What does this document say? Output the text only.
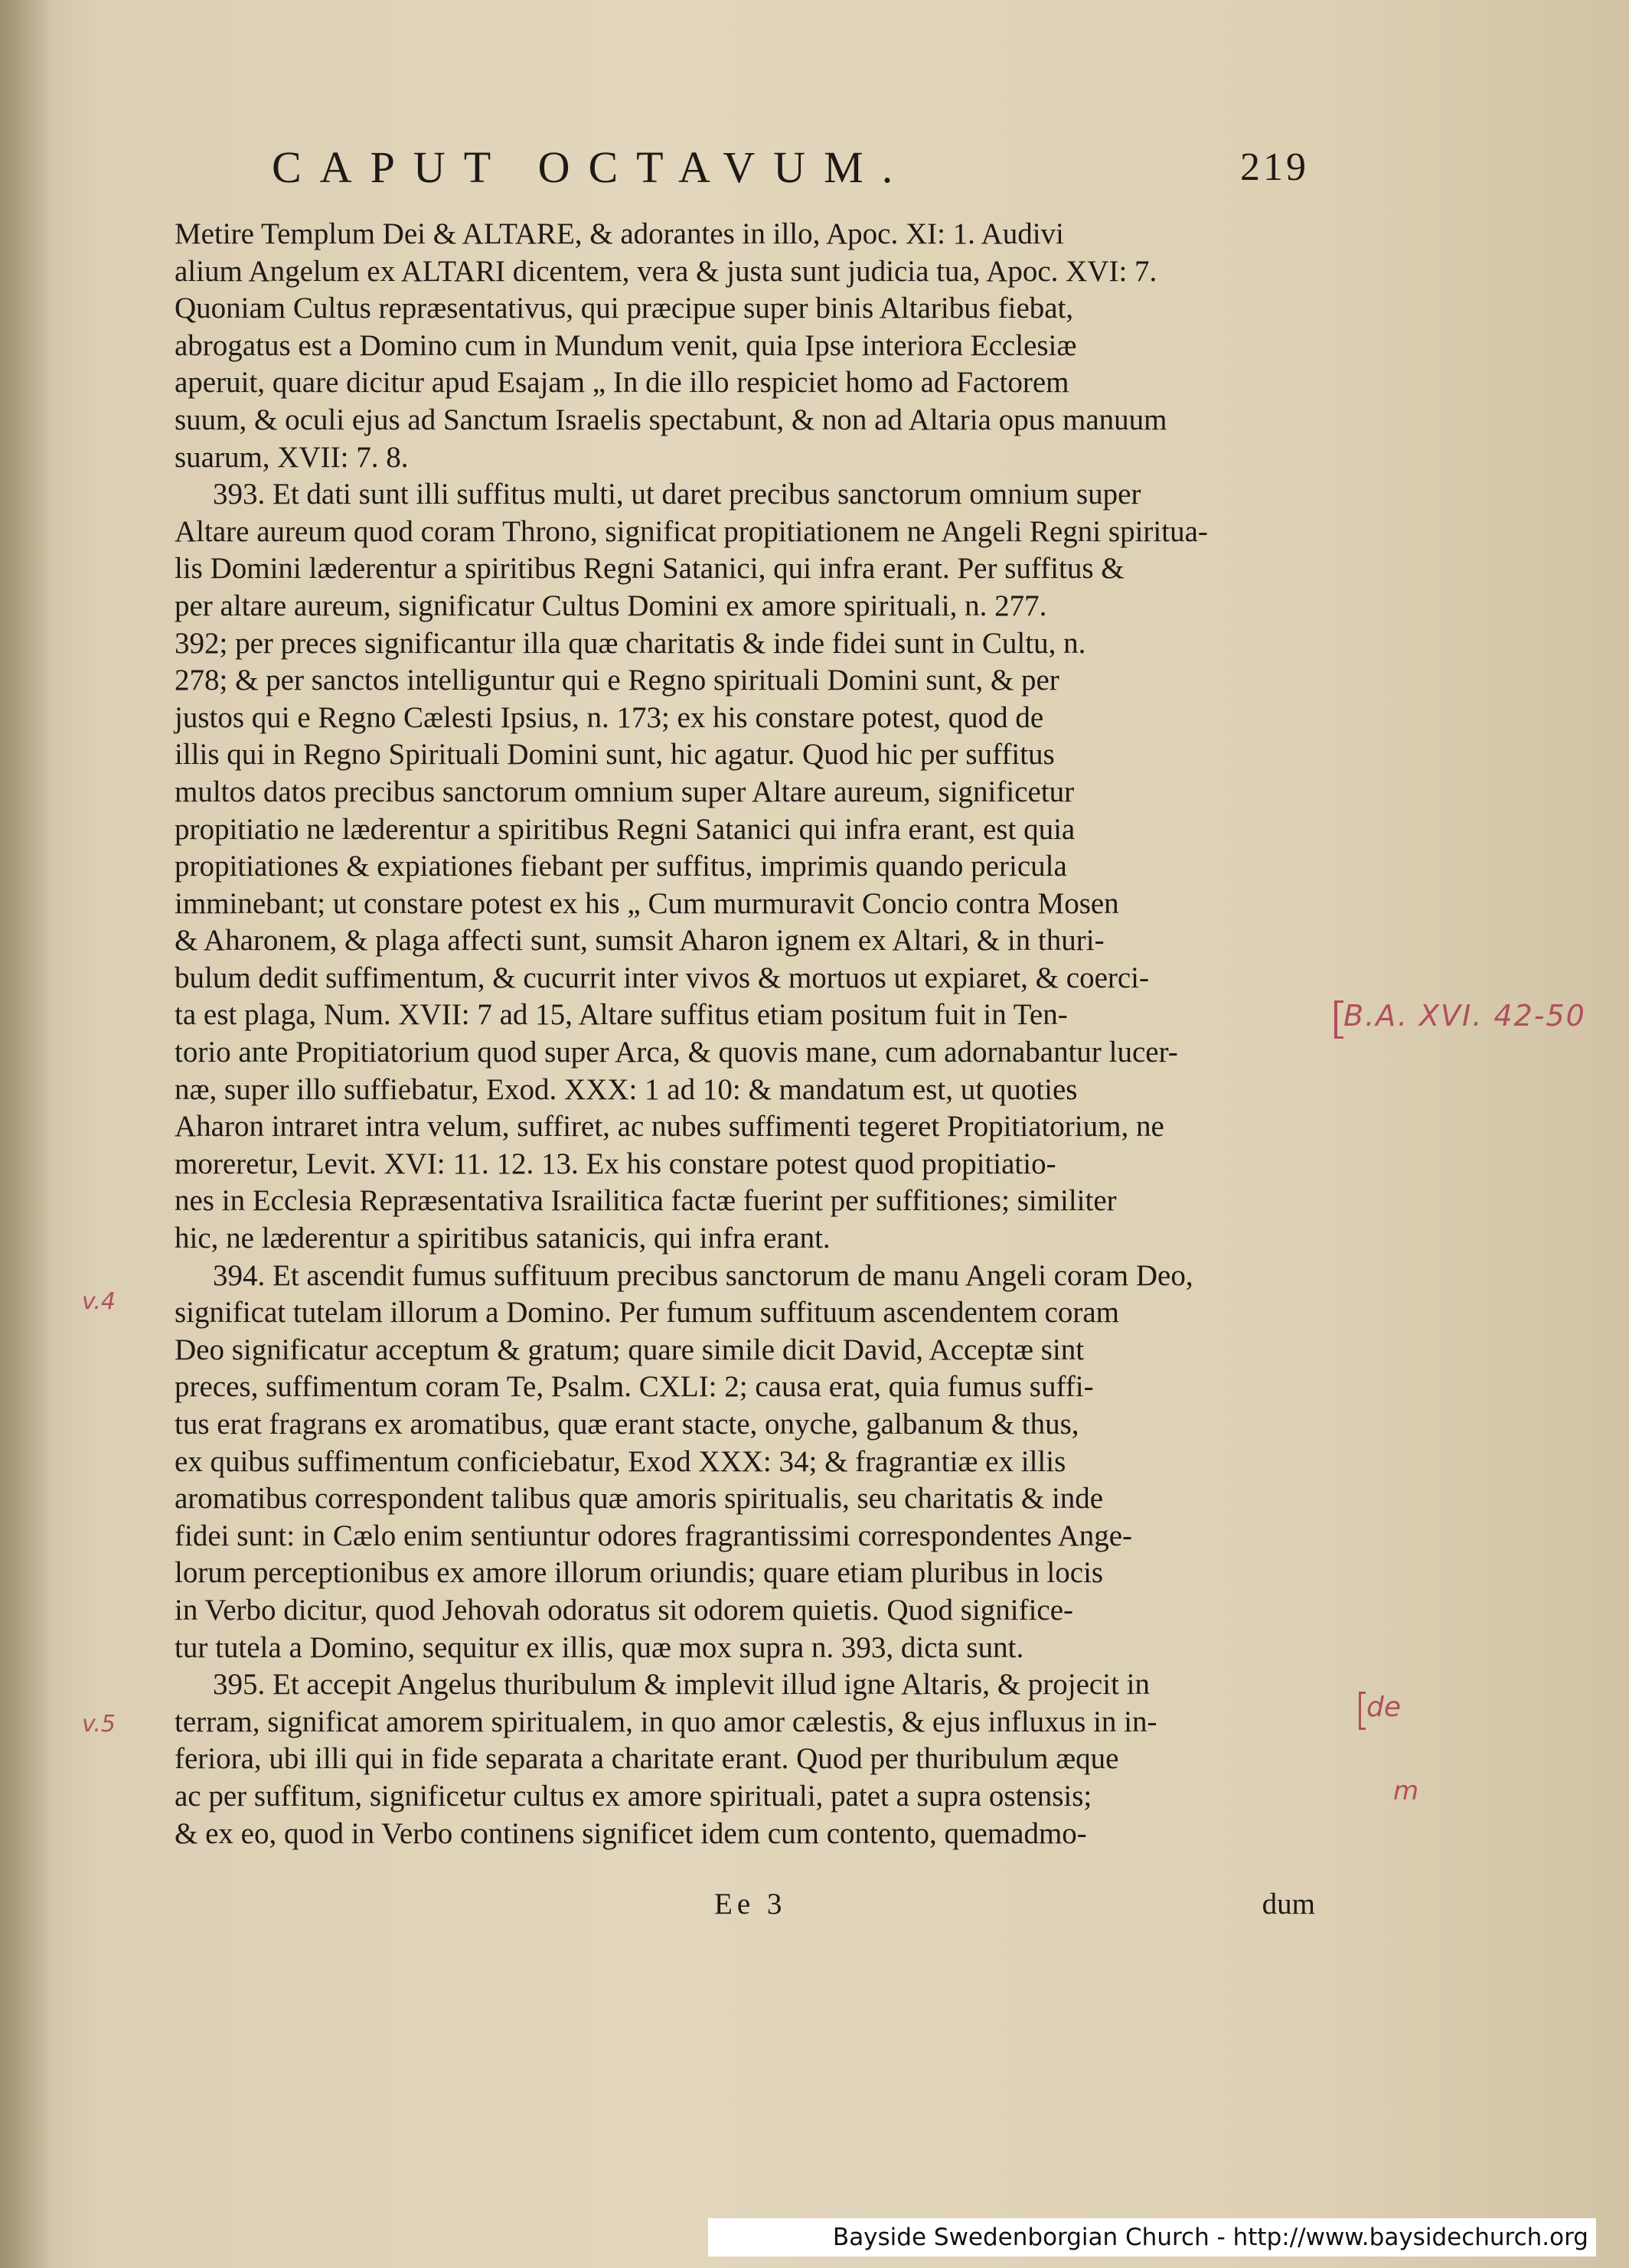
CAPUT OCTAVUM.	219

Metire Templum Dei & ALTARE, & adorantes in illo, Apoc. XI: 1. Audivi

alium Angelum ex ALTARI dicentem, vera & justa sunt judicia tua, Apoc. XVI: 7.

Quoniam Cultus repræsentativus, qui præcipue super binis Altaribus fiebat,

abrogatus est a Domino cum in Mundum venit, quia Ipse interiora Ecclesiæ

aperuit, quare dicitur apud Esajam „ In die illo respiciet homo ad Factorem

suum, & oculi ejus ad Sanctum Israelis spectabunt, & non ad Altaria opus manuum

suarum, XVII: 7. 8.

393. Et dati sunt illi suffitus multi, ut daret precibus sanctorum omnium super

Altare aureum quod coram Throno, significat propitiationem ne Angeli Regni spiritua-

lis Domini læderentur a spiritibus Regni Satanici, qui infra erant. Per suffitus &

per altare aureum, significatur Cultus Domini ex amore spirituali, n. 277.

392; per preces significantur illa quæ charitatis & inde fidei sunt in Cultu, n.

278; & per sanctos intelliguntur qui e Regno spirituali Domini sunt, & per

justos qui e Regno Cælesti Ipsius, n. 173; ex his constare potest, quod de

illis qui in Regno Spirituali Domini sunt, hic agatur. Quod hic per suffitus

multos datos precibus sanctorum omnium super Altare aureum, significetur

propitiatio ne læderentur a spiritibus Regni Satanici qui infra erant, est quia

propitiationes & expiationes fiebant per suffitus, imprimis quando pericula

imminebant; ut constare potest ex his „ Cum murmuravit Concio contra Mosen

& Aharonem, & plaga affecti sunt, sumsit Aharon ignem ex Altari, & in thuri-

bulum dedit suffimentum, & cucurrit inter vivos & mortuos ut expiaret, & coerci-

ta est plaga, Num. XVII: 7 ad 15, Altare suffitus etiam positum fuit in Ten-

torio ante Propitiatorium quod super Arca, & quovis mane, cum adornabantur lucer-

næ, super illo suffiebatur, Exod. XXX: 1 ad 10: & mandatum est, ut quoties

Aharon intraret intra velum, suffiret, ac nubes suffimenti tegeret Propitiatorium, ne

moreretur, Levit. XVI: 11. 12. 13. Ex his constare potest quod propitiatio-

nes in Ecclesia Repræsentativa Israilitica factæ fuerint per suffitiones; similiter

hic, ne læderentur a spiritibus satanicis, qui infra erant.

394. Et ascendit fumus suffituum precibus sanctorum de manu Angeli coram Deo,

significat tutelam illorum a Domino. Per fumum suffituum ascendentem coram

Deo significatur acceptum & gratum; quare simile dicit David, Acceptæ sint

preces, suffimentum coram Te, Psalm. CXLI: 2; causa erat, quia fumus suffi-

tus erat fragrans ex aromatibus, quæ erant stacte, onyche, galbanum & thus,

ex quibus suffimentum conficiebatur, Exod XXX: 34; & fragrantiæ ex illis

aromatibus correspondent talibus quæ amoris spiritualis, seu charitatis & inde

fidei sunt: in Cælo enim sentiuntur odores fragrantissimi correspondentes Ange-

lorum perceptionibus ex amore illorum oriundis; quare etiam pluribus in locis

in Verbo dicitur, quod Jehovah odoratus sit odorem quietis. Quod significe-

tur tutela a Domino, sequitur ex illis, quæ mox supra n. 393, dicta sunt.

395. Et accepit Angelus thuribulum & implevit illud igne Altaris, & projecit in

terram, significat amorem spiritualem, in quo amor cælestis, & ejus influxus in in-

feriora, ubi illi qui in fide separata a charitate erant. Quod per thuribulum æque

ac per suffitum, significetur cultus ex amore spirituali, patet a supra ostensis;

& ex eo, quod in Verbo continens significet idem cum contento, quemadmo-

Ee 3	dum
B.A. XVI. 42-50
v.4
v.5
de
m
Bayside Swedenborgian Church - http://www.baysidechurch.org
